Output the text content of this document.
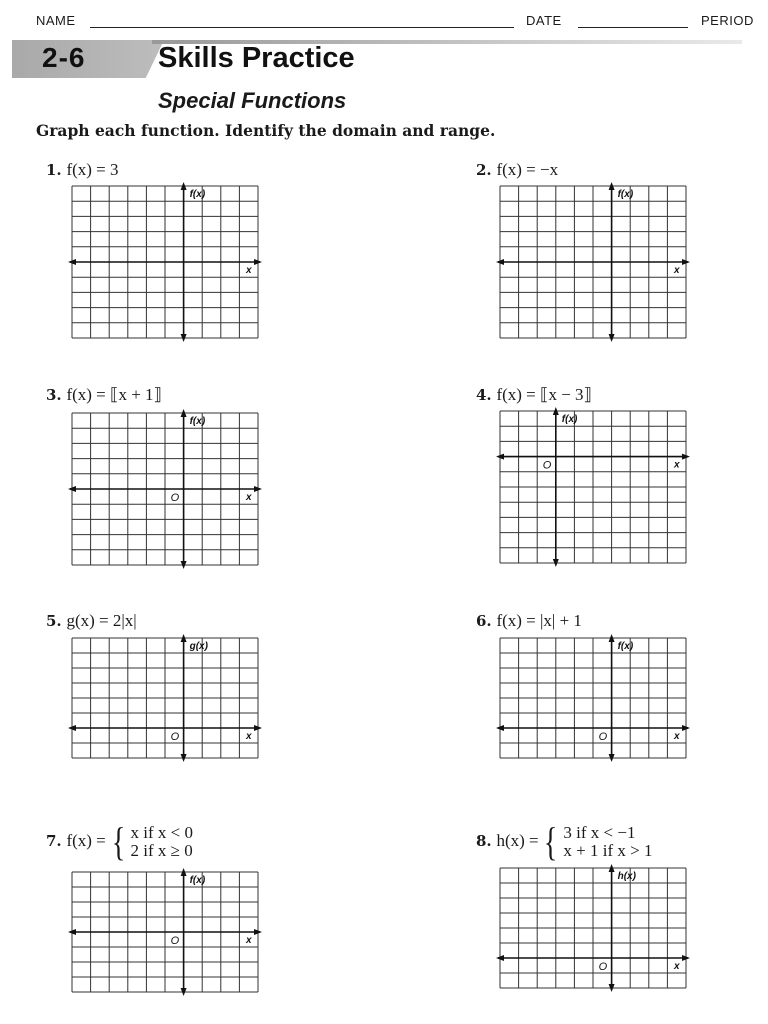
NAME	DATE	PERIOD
2-6	Skills Practice
Special Functions
Graph each function. Identify the domain and range.
1. f(x) = 3	2. f(x) = −x
3. f(x) = ⟦x + 1⟧	4. f(x) = ⟦x − 3⟧
5. g(x) = 2|x|	6. f(x) = |x| + 1
7. f(x) = { x if x < 0
2 if x ≥ 0	8. h(x) = { 3 if x < −1
x + 1 if x > 1
f(x)
x
f(x)
x
f(x)
x
O
f(x)
x
O
g(x)
x
O
f(x)
x
O
f(x)
x
O
h(x)
x
O
